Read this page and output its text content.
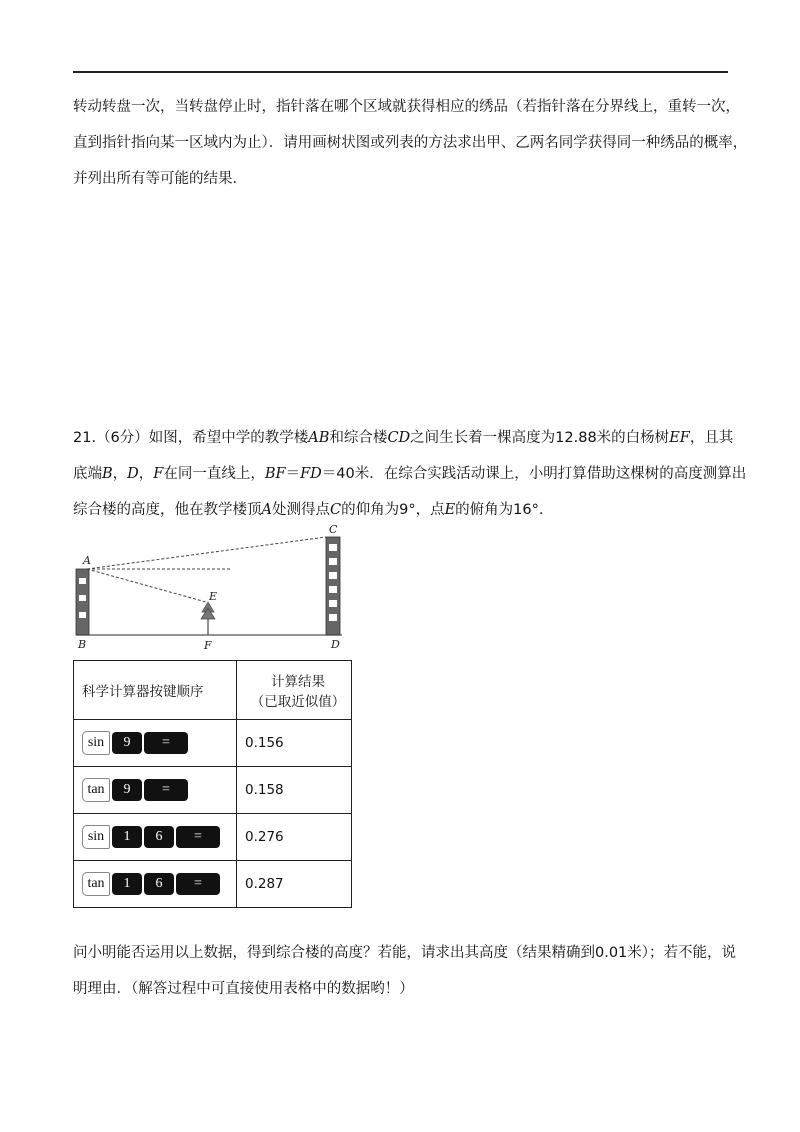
转动转盘一次，当转盘停止时，指针落在哪个区域就获得相应的绣品（若指针落在分界线上，重转一次，
直到指针指向某一区域内为止）．请用画树状图或列表的方法求出甲、乙两名同学获得同一种绣品的概率，
并列出所有等可能的结果．
21.（6分）如图，希望中学的教学楼AB和综合楼CD之间生长着一棵高度为12.88米的白杨树EF，且其
底端B，D，F在同一直线上，BF＝FD＝40米．在综合实践活动课上，小明打算借助这棵树的高度测算出
综合楼的高度，他在教学楼顶A处测得点C的仰角为9°，点E的俯角为16°.
A
B
C
D
E
F
科学计算器按键顺序	计算结果
（已取近似值）

sin 9 =	0.156

tan 9 =	0.158

sin 1 6 =	0.276

tan 1 6 =	0.287
问小明能否运用以上数据，得到综合楼的高度？若能，请求出其高度（结果精确到0.01米）；若不能，说
明理由．（解答过程中可直接使用表格中的数据哟！）
